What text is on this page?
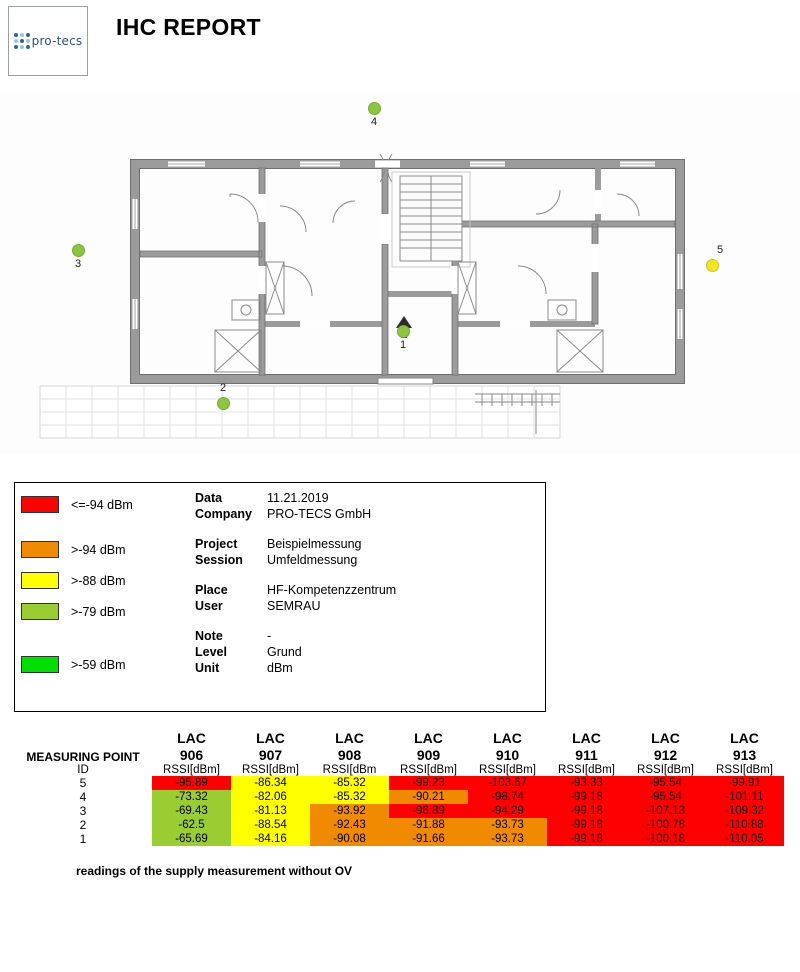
pro-tecs
IHC REPORT
1
2
3
4
5
<=-94 dBm
>-94 dBm
>-88 dBm
>-79 dBm
>-59 dBm
Data	11.21.2019
Company	PRO-TECS GmbH
Project	Beispielmessung
Session	Umfeldmessung
Place	HF-Kompetenzzentrum
User	SEMRAU
Note	-
Level	Grund
Unit	dBm
MEASURING POINT	
LAC
906

LAC
907

LAC
908

LAC
909

LAC
910

LAC
911

LAC
912

LAC
913

ID	RSSI[dBm]	RSSI[dBm]	RSSI[dBm	RSSI[dBm]	RSSI[dBm]	RSSI[dBm]	RSSI[dBm]	RSSI[dBm]
5	-95.89	-86.34	-85.32	-99.23	-103.67	-93.33	-95.54	-99.91
4	-73.32	-82.06	-85.32	-90.21	-98.74	-99.18	-95.54	-101.11
3	-69.43	-81.13	-93.92	-96.89	-94.29	-99.18	-107.13	-109.32
2	-62.5	-88.54	-92.43	-91.88	-93.73	-99.18	-100.78	-110.88
1	-65.69	-84.16	-90.08	-91.66	-93.73	-99.18	-100.18	-110.05
readings of the supply measurement without OV
